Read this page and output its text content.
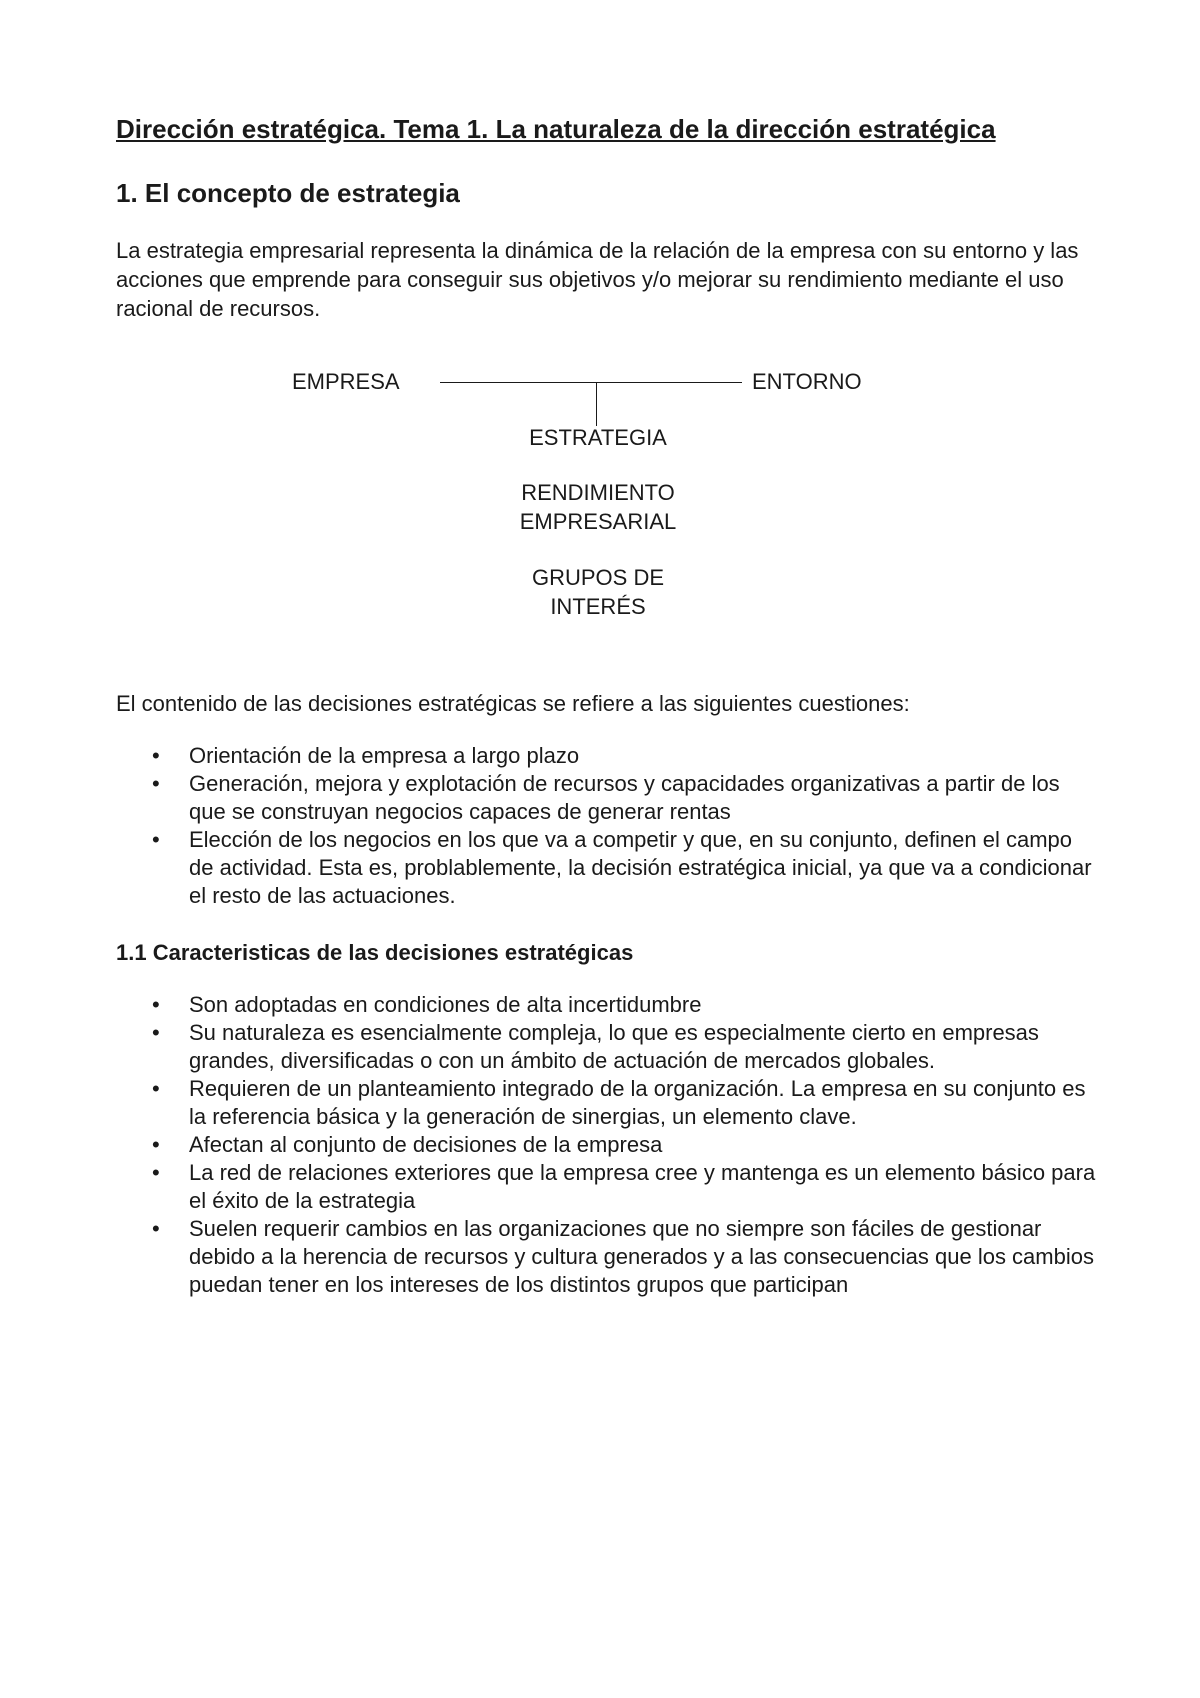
Dirección estratégica. Tema 1. La naturaleza de la dirección estratégica
1. El concepto de estrategia

La estrategia empresarial representa la dinámica de la relación de la empresa con su entorno y las acciones que emprende para conseguir sus objetivos y/o mejorar su rendimiento mediante el uso racional de recursos.

EMPRESA	ENTORNO
ESTRATEGIA
RENDIMIENTO
EMPRESARIAL
GRUPOS DE
INTERÉS

El contenido de las decisiones estratégicas se refiere a las siguientes cuestiones:

• Orientación de la empresa a largo plazo
• Generación, mejora y explotación de recursos y capacidades organizativas a partir de los que se construyan negocios capaces de generar rentas
• Elección de los negocios en los que va a competir y que, en su conjunto, definen el campo de actividad. Esta es, problablemente, la decisión estratégica inicial, ya que va a condicionar el resto de las actuaciones.
1.1 Caracteristicas de las decisiones estratégicas
• Son adoptadas en condiciones de alta incertidumbre
• Su naturaleza es esencialmente compleja, lo que es especialmente cierto en empresas grandes, diversificadas o con un ámbito de actuación de mercados globales.
• Requieren de un planteamiento integrado de la organización. La empresa en su conjunto es la referencia básica y la generación de sinergias, un elemento clave.
• Afectan al conjunto de decisiones de la empresa
• La red de relaciones exteriores que la empresa cree y mantenga es un elemento básico para el éxito de la estrategia
• Suelen requerir cambios en las organizaciones que no siempre son fáciles de gestionar debido a la herencia de recursos y cultura generados y a las consecuencias que los cambios puedan tener en los intereses de los distintos grupos que participan
